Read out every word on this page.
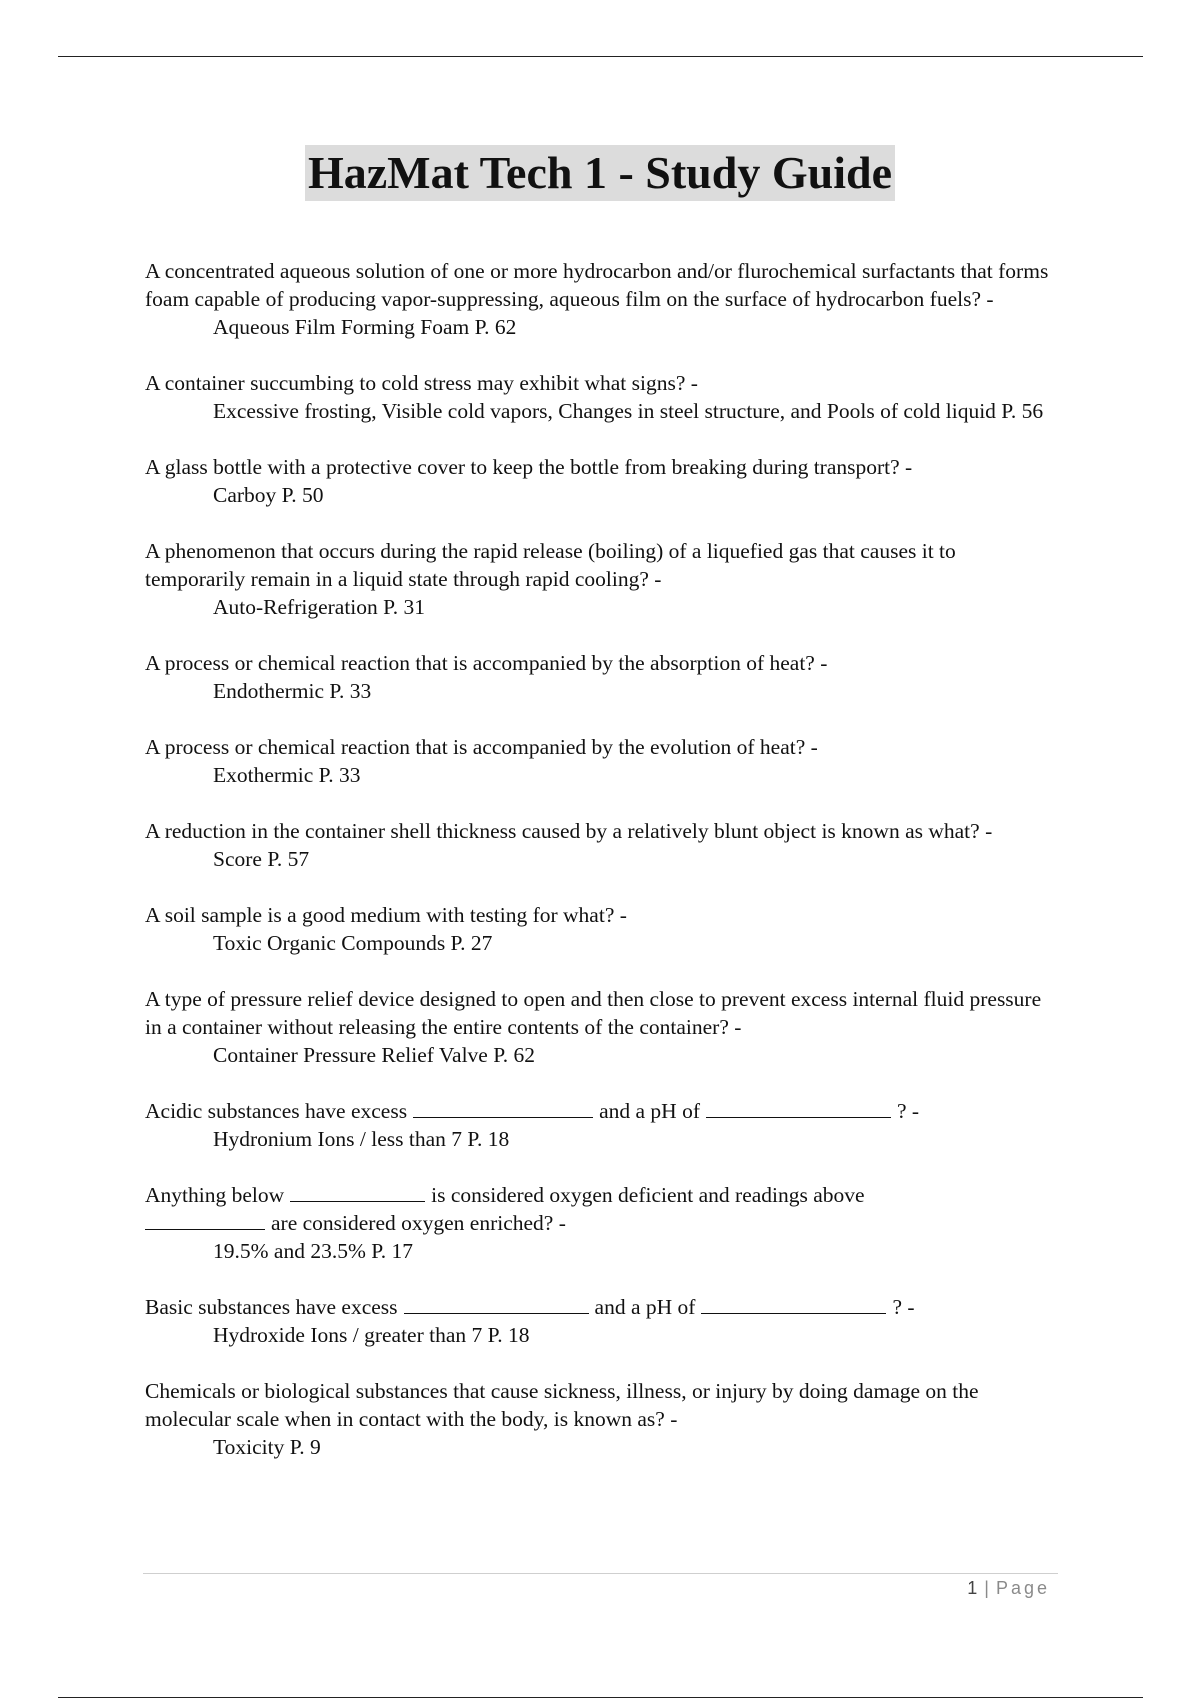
HazMat Tech 1 - Study Guide

A concentrated aqueous solution of one or more hydrocarbon and/or flurochemical surfactants that forms foam capable of producing vapor-suppressing, aqueous film on the surface of hydrocarbon fuels? -

Aqueous Film Forming Foam P. 62

A container succumbing to cold stress may exhibit what signs? -

Excessive frosting, Visible cold vapors, Changes in steel structure, and Pools of cold liquid P. 56

A glass bottle with a protective cover to keep the bottle from breaking during transport? -

Carboy P. 50

A phenomenon that occurs during the rapid release (boiling) of a liquefied gas that causes it to temporarily remain in a liquid state through rapid cooling? -

Auto-Refrigeration P. 31

A process or chemical reaction that is accompanied by the absorption of heat? -

Endothermic P. 33

A process or chemical reaction that is accompanied by the evolution of heat? -

Exothermic P. 33

A reduction in the container shell thickness caused by a relatively blunt object is known as what? -

Score P. 57

A soil sample is a good medium with testing for what? -

Toxic Organic Compounds P. 27

A type of pressure relief device designed to open and then close to prevent excess internal fluid pressure in a container without releasing the entire contents of the container? -

Container Pressure Relief Valve P. 62

Acidic substances have excess	and a pH of	? -

Hydronium Ions / less than 7 P. 18

Anything below	is considered oxygen deficient and readings above
are considered oxygen enriched? -

19.5% and 23.5% P. 17

Basic substances have excess	and a pH of	? -

Hydroxide Ions / greater than 7 P. 18

Chemicals or biological substances that cause sickness, illness, or injury by doing damage on the molecular scale when in contact with the body, is known as? -

Toxicity P. 9

1 | Page
